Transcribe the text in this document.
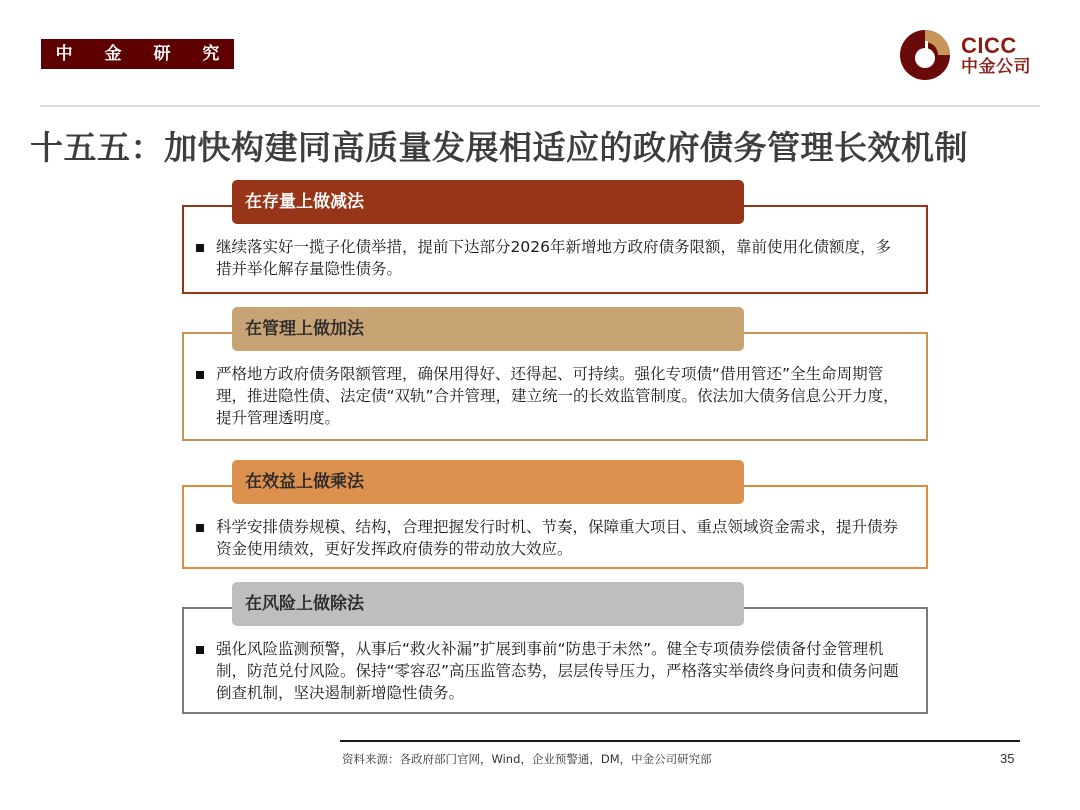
中 金 研 究 部
CICC
中金公司
十五五：加快构建同高质量发展相适应的政府债务管理长效机制
在存量上做减法
继续落实好一揽子化债举措，提前下达部分2026年新增地方政府债务限额，靠前使用化债额度，多措并举化解存量隐性债务。
在管理上做加法
严格地方政府债务限额管理，确保用得好、还得起、可持续。强化专项债“借用管还”全生命周期管理，推进隐性债、法定债“双轨”合并管理，建立统一的长效监管制度。依法加大债务信息公开力度，提升管理透明度。
在效益上做乘法
科学安排债券规模、结构，合理把握发行时机、节奏，保障重大项目、重点领域资金需求，提升债券资金使用绩效，更好发挥政府债券的带动放大效应。
在风险上做除法
强化风险监测预警，从事后“救火补漏”扩展到事前“防患于未然”。健全专项债券偿债备付金管理机制，防范兑付风险。保持“零容忍”高压监管态势，层层传导压力，严格落实举债终身问责和债务问题倒查机制，坚决遏制新增隐性债务。
资料来源：各政府部门官网，Wind，企业预警通，DM，中金公司研究部	35
